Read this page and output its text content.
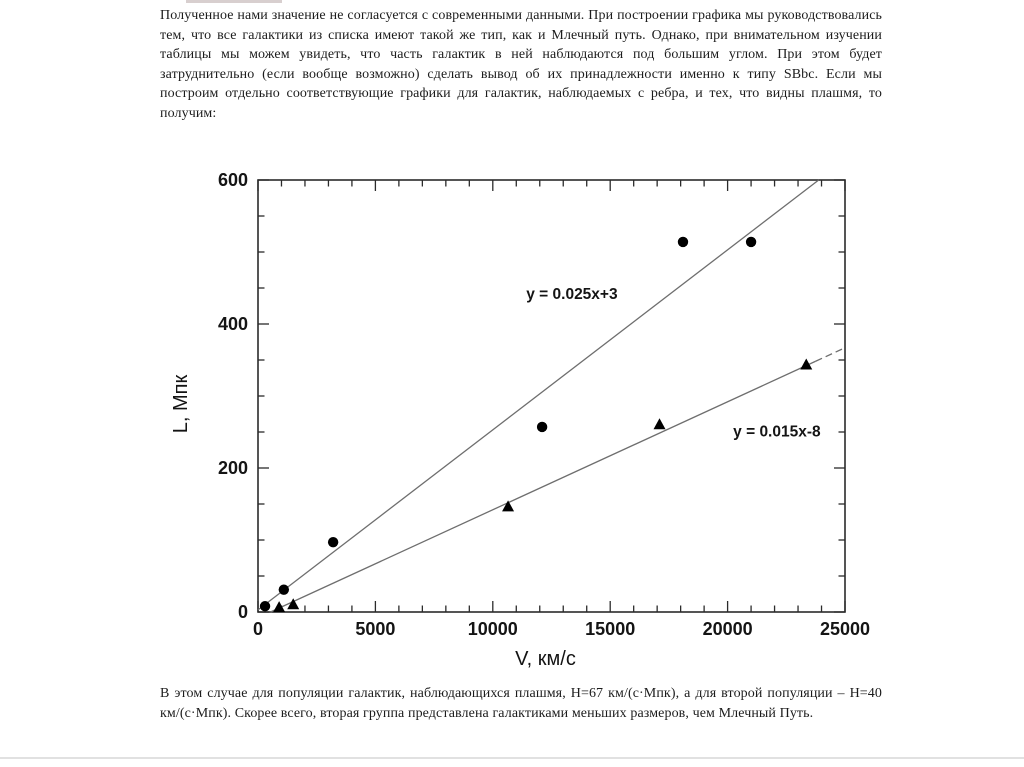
Полученное нами значение не согласуется с современными данными. При построении графика мы руководствовались тем, что все галактики из списка имеют такой же тип, как и Млечный путь. Однако, при внимательном изучении таблицы мы можем увидеть, что часть галактик в ней наблюдаются под большим углом. При этом будет затруднительно (если вообще возможно) сделать вывод об их принадлежности именно к типу SBbc. Если мы построим отдельно соответствующие графики для галактик, наблюдаемых с ребра, и тех, что видны плашмя, то получим:
0	5000	10000	15000	20000	25000
0
200
400
600
y = 0.025x+3
y = 0.015x-8
V, км/с
L, Мпк
В этом случае для популяции галактик, наблюдающихся плашмя, H=67 км/(с·Мпк), а для второй популяции – H=40 км/(с·Мпк). Скорее всего, вторая группа представлена галактиками меньших размеров, чем Млечный Путь.
